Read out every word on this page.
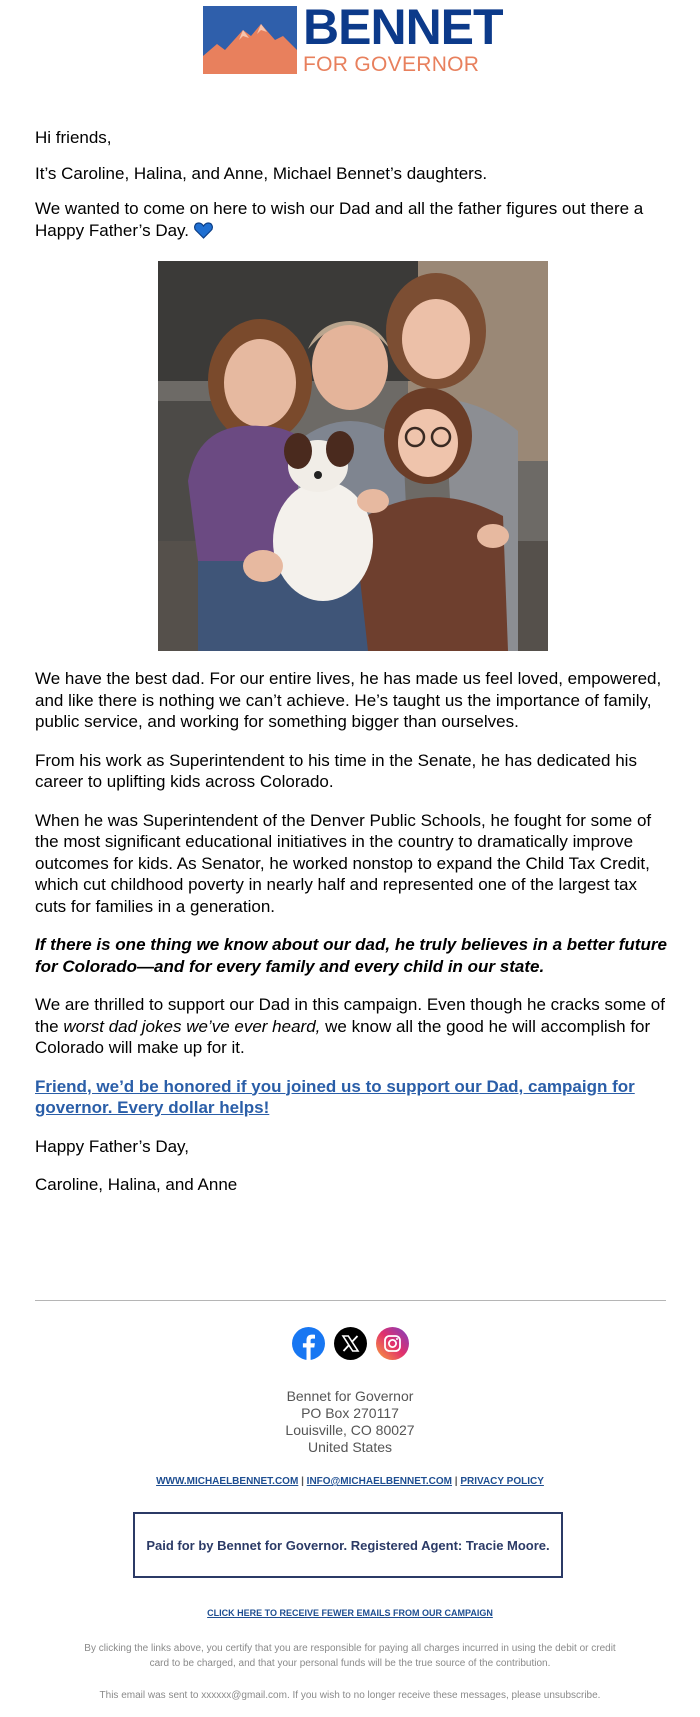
BENNET
FOR GOVERNOR

Hi friends,

It’s Caroline, Halina, and Anne, Michael Bennet’s daughters.

We wanted to come on here to wish our Dad and all the father figures out there a Happy Father’s Day.

We have the best dad. For our entire lives, he has made us feel loved, empowered, and like there is nothing we can’t achieve. He’s taught us the importance of family, public service, and working for something bigger than ourselves.

From his work as Superintendent to his time in the Senate, he has dedicated his career to uplifting kids across Colorado.

When he was Superintendent of the Denver Public Schools, he fought for some of the most significant educational initiatives in the country to dramatically improve outcomes for kids. As Senator, he worked nonstop to expand the Child Tax Credit, which cut childhood poverty in nearly half and represented one of the largest tax cuts for families in a generation.

If there is one thing we know about our dad, he truly believes in a better future for Colorado—and for every family and every child in our state.

We are thrilled to support our Dad in this campaign. Even though he cracks some of the worst dad jokes we’ve ever heard, we know all the good he will accomplish for Colorado will make up for it.

Friend, we’d be honored if you joined us to support our Dad, campaign for governor. Every dollar helps!

Happy Father’s Day,

Caroline, Halina, and Anne

Bennet for Governor
PO Box 270117
Louisville, CO 80027
United States
WWW.MICHAELBENNET.COM | INFO@MICHAELBENNET.COM | PRIVACY POLICY
Paid for by Bennet for Governor. Registered Agent: Tracie Moore.
CLICK HERE TO RECEIVE FEWER EMAILS FROM OUR CAMPAIGN
By clicking the links above, you certify that you are responsible for paying all charges incurred in using the debit or credit card to be charged, and that your personal funds will be the true source of the contribution.
This email was sent to xxxxxx@gmail.com. If you wish to no longer receive these messages, please unsubscribe.
